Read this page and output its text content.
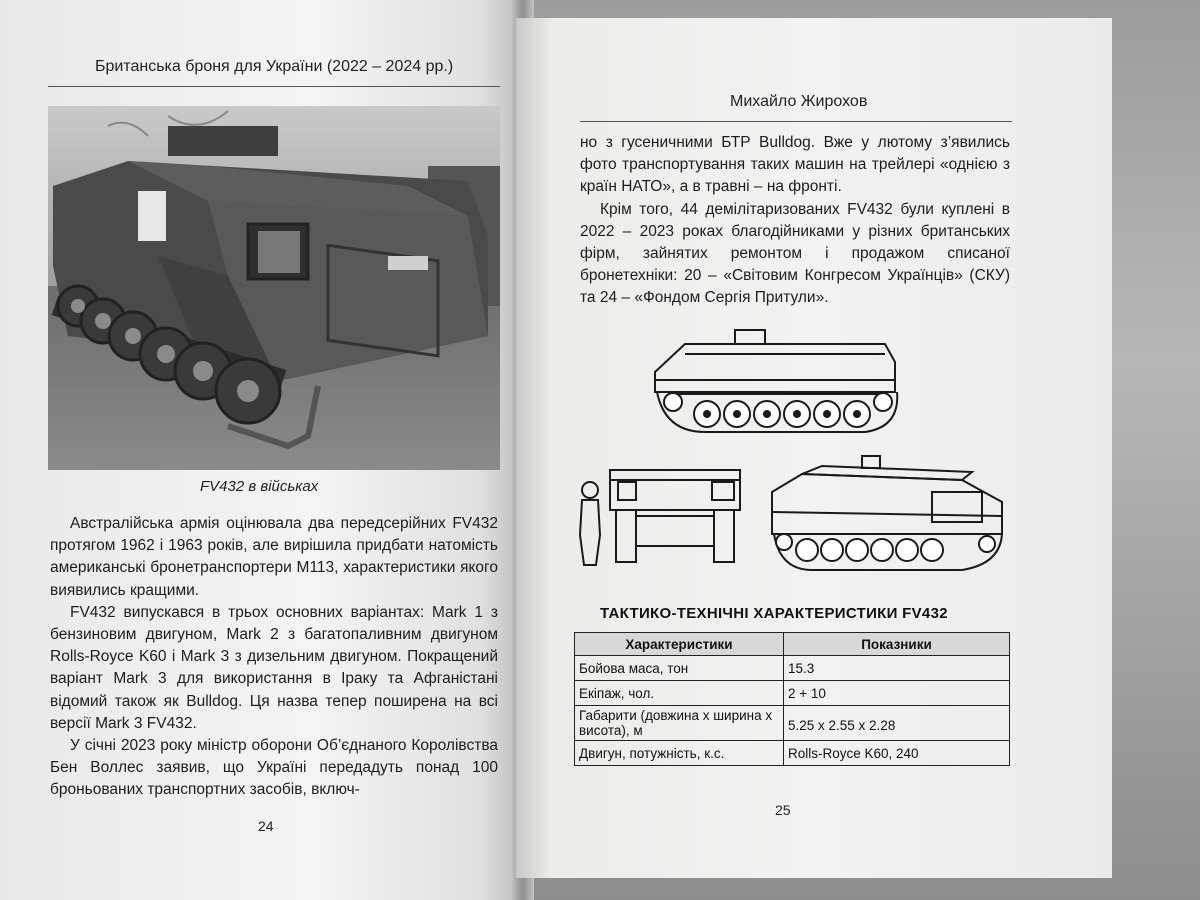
Британська броня для України (2022 – 2024 рр.)
FV432 в військах

Австралійська армія оцінювала два передсерійних FV432 протягом 1962 і 1963 років, але вирішила придбати натомість американські бронетранспортери М113, характеристики якого виявились кращими.

FV432 випускався в трьох основних варіантах: Mark 1 з бензиновим двигуном, Mark 2 з багатопаливним двигуном Rolls-Royce K60 і Mark 3 з дизельним двигуном. Покращений варіант Mark 3 для використання в Іраку та Афганістані відомий також як Bulldog. Ця назва тепер поширена на всі версії Mark 3 FV432.

У січні 2023 року міністр оборони Об’єднаного Королівства Бен Воллес заявив, що Україні передадуть понад 100 броньованих транспортних засобів, включ-

24
Михайло Жирохов

но з гусеничними БТР Bulldog. Вже у лютому з’явились фото транспортування таких машин на трейлері «однією з країн НАТО», а в травні – на фронті.

Крім того, 44 демілітаризованих FV432 були куплені в 2022 – 2023 роках благодійниками у різних британських фірм, зайнятих ремонтом і продажом списаної бронетехніки: 20 – «Світовим Конгресом Українців» (СКУ) та 24 – «Фондом Сергія Притули».

ТАКТИКО-ТЕХНІЧНІ ХАРАКТЕРИСТИКИ FV432
Характеристики	Показники
Бойова маса, тон	15.3
Екіпаж, чол.	2 + 10
Габарити (довжина х ширина х висота), м	5.25 x 2.55 x 2.28
Двигун, потужність, к.с.	Rolls-Royce K60, 240
25
